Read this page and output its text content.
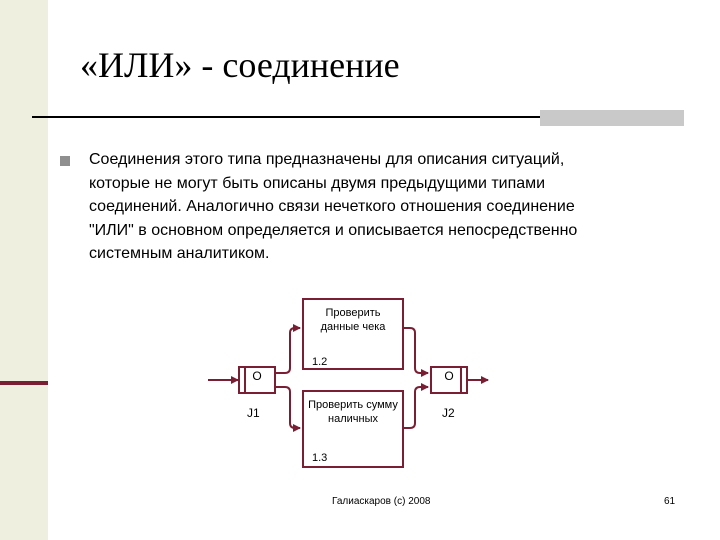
«ИЛИ» - соединение
Соединения этого типа предназначены для описания ситуаций,
которые не могут быть описаны двумя предыдущими типами
соединений. Аналогично связи нечеткого отношения соединение
"ИЛИ" в основном определяется и описывается непосредственно
системным аналитиком.
Проверить
данные чека
1.2
Проверить сумму
наличных
1.3
O
J1
O
J2
Галиаскаров (с) 2008	61
